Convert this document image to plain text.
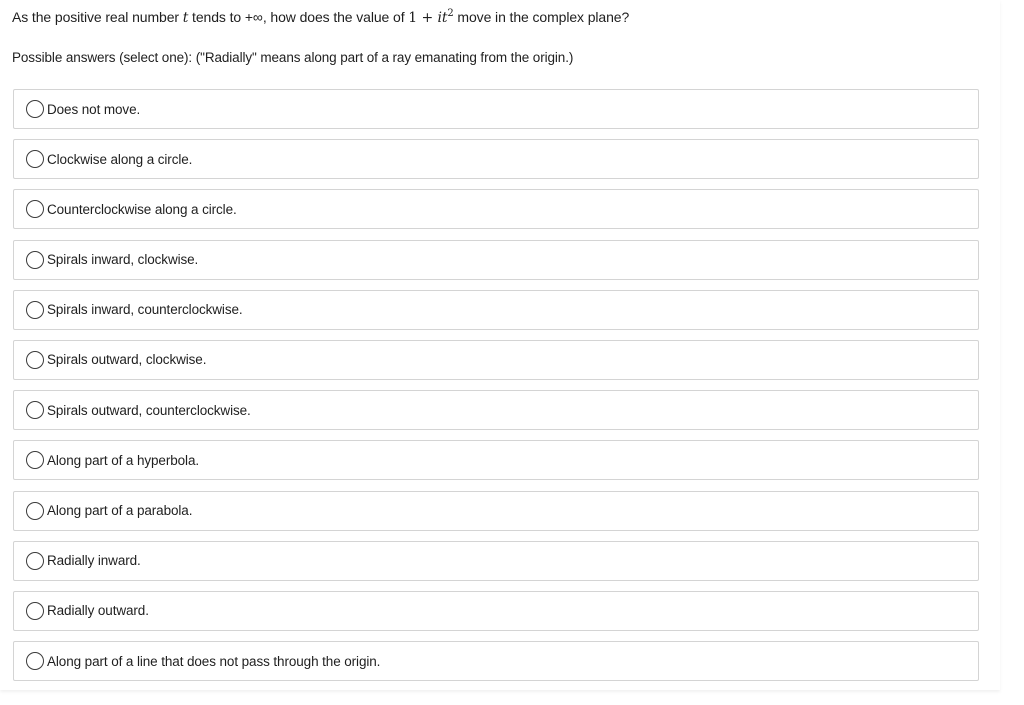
As the positive real number t tends to +∞, how does the value of $1 + it^2$ move in the complex plane?
Possible answers (select one): ("Radially" means along part of a ray emanating from the origin.)
Does not move.
Clockwise along a circle.
Counterclockwise along a circle.
Spirals inward, clockwise.
Spirals inward, counterclockwise.
Spirals outward, clockwise.
Spirals outward, counterclockwise.
Along part of a hyperbola.
Along part of a parabola.
Radially inward.
Radially outward.
Along part of a line that does not pass through the origin.
